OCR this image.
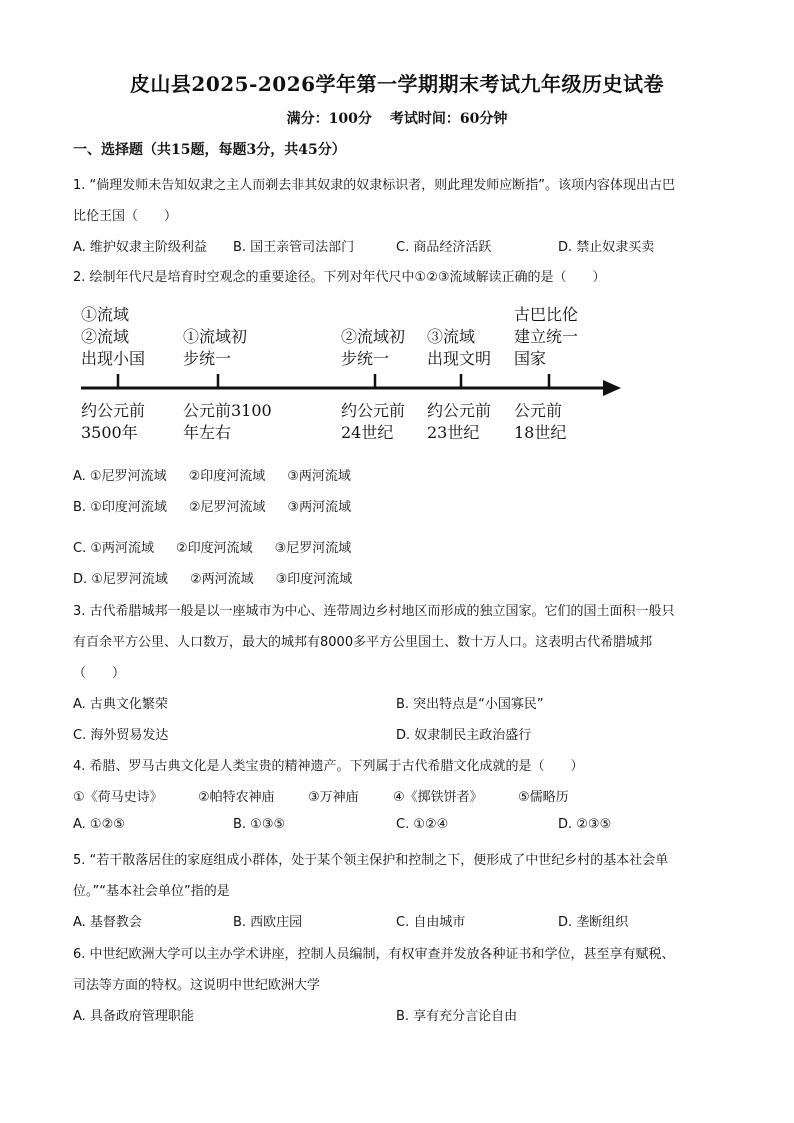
皮山县2025-2026学年第一学期期末考试九年级历史试卷
满分：100分 考试时间：60分钟
一、选择题（共15题，每题3分，共45分）
1. “倘理发师未告知奴隶之主人而剃去非其奴隶的奴隶标识者，则此理发师应断指”。该项内容体现出古巴
比伦王国（　　）
A. 维护奴隶主阶级利益 B. 国王亲管司法部门	C. 商品经济活跃	D. 禁止奴隶买卖
2. 绘制年代尺是培育时空观念的重要途径。下列对年代尺中①②③流域解读正确的是（　　）
①流域
②流域
出现小国
约公元前
3500年
①流域初
步统一
公元前3100
年左右
②流域初
步统一
约公元前
24世纪
③流域
出现文明
约公元前
23世纪
古巴比伦
建立统一
国家
公元前
18世纪
A. ①尼罗河流域 ②印度河流域 ③两河流域
B. ①印度河流域 ②尼罗河流域 ③两河流域
C. ①两河流域 ②印度河流域 ③尼罗河流域
D. ①尼罗河流域 ②两河流域 ③印度河流域
3. 古代希腊城邦一般是以一座城市为中心、连带周边乡村地区而形成的独立国家。它们的国土面积一般只
有百余平方公里、人口数万，最大的城邦有8000多平方公里国土、数十万人口。这表明古代希腊城邦
（　　）
A. 古典文化繁荣	B. 突出特点是“小国寡民”
C. 海外贸易发达	D. 奴隶制民主政治盛行
4. 希腊、罗马古典文化是人类宝贵的精神遗产。下列属于古代希腊文化成就的是（　　）
①《荷马史诗》	②帕特农神庙	③万神庙	④《掷铁饼者》	⑤儒略历
A. ①②⑤	B. ①③⑤	C. ①②④	D. ②③⑤
5. “若干散落居住的家庭组成小群体，处于某个领主保护和控制之下，便形成了中世纪乡村的基本社会单
位。”“基本社会单位”指的是
A. 基督教会	B. 西欧庄园	C. 自由城市	D. 垄断组织
6. 中世纪欧洲大学可以主办学术讲座，控制人员编制，有权审查并发放各种证书和学位，甚至享有赋税、
司法等方面的特权。这说明中世纪欧洲大学
A. 具备政府管理职能	B. 享有充分言论自由
